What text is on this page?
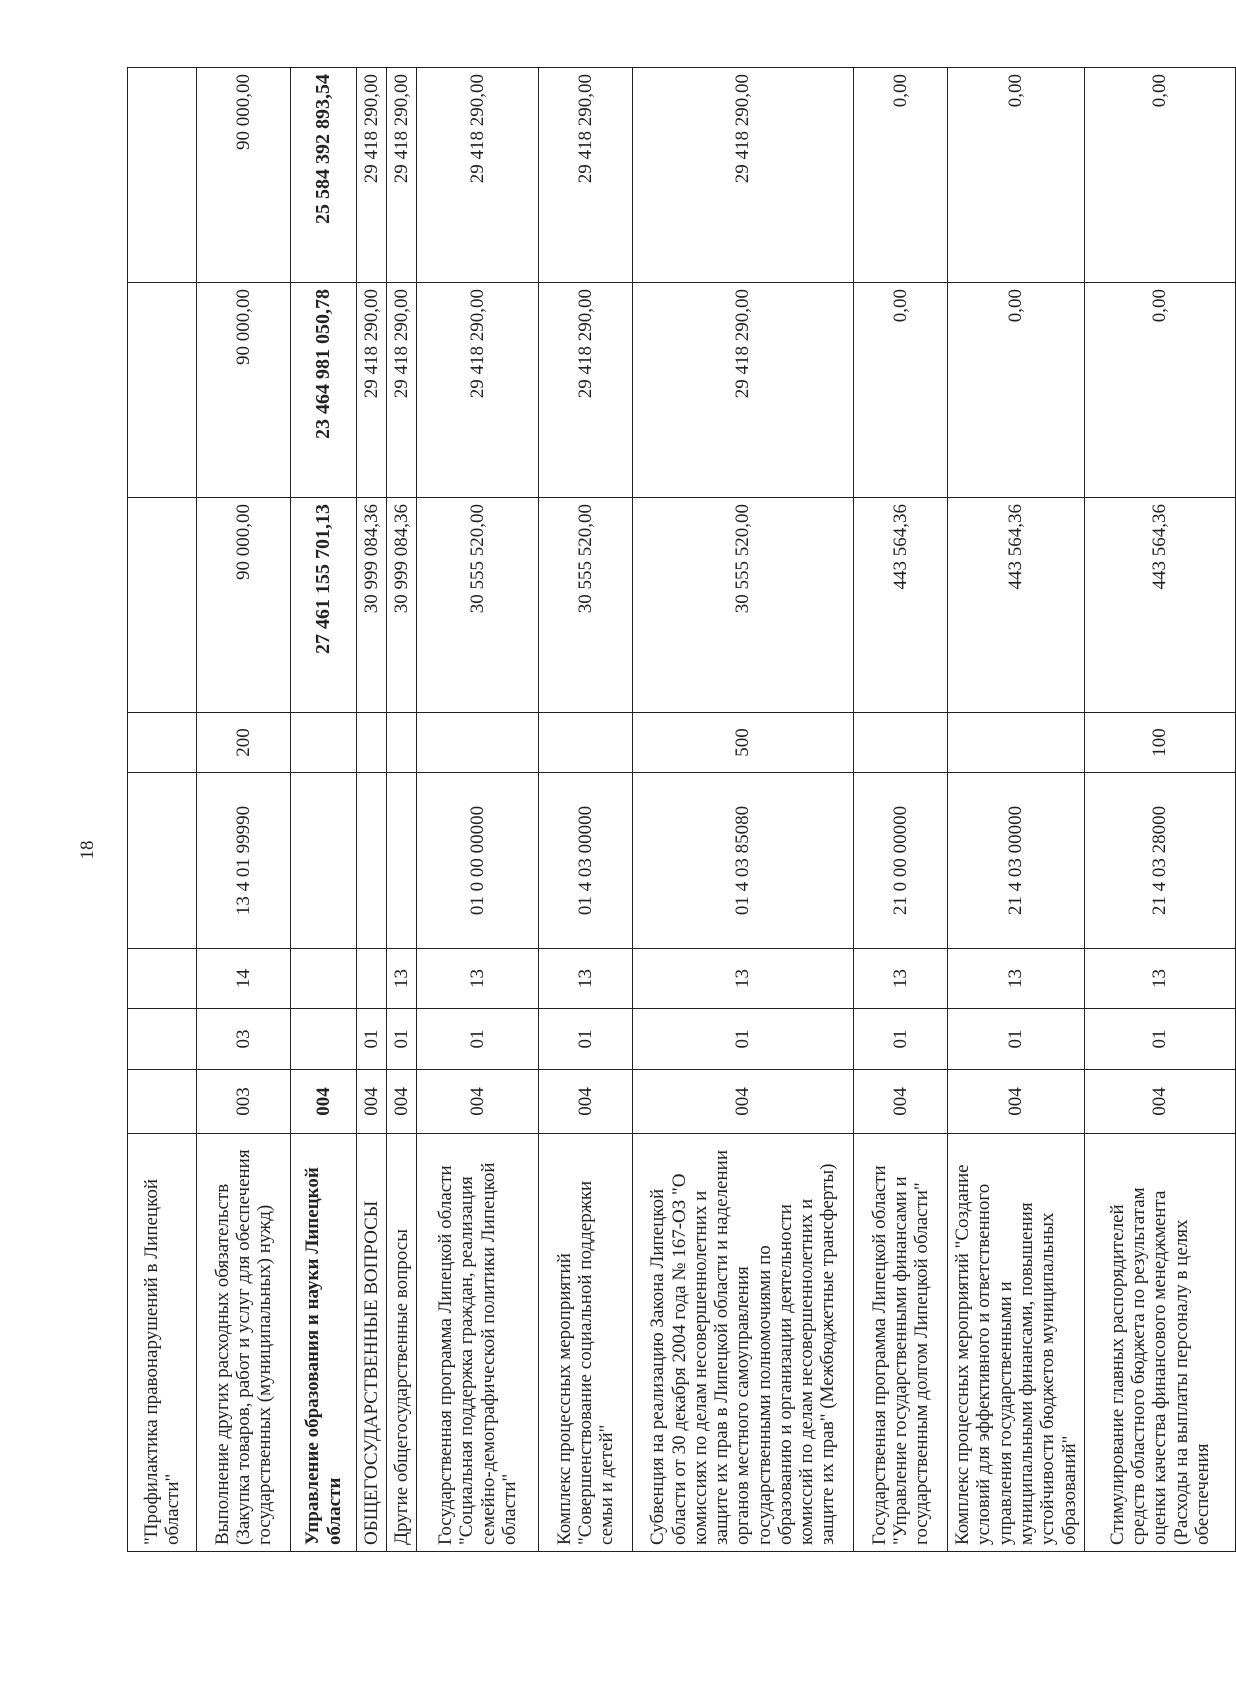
18
"Профилактика правонарушений в Липецкой области"								
Выполнение других расходных обязательств (Закупка товаров, работ и услуг для обеспечения государственных (муниципальных) нужд)	003	03	14	13 4 01 99990	200	90 000,00	90 000,00	90 000,00
Управление образования и науки Липецкой области	004					27 461 155 701,13	23 464 981 050,78	25 584 392 893,54
ОБЩЕГОСУДАРСТВЕННЫЕ ВОПРОСЫ	004	01				30 999 084,36	29 418 290,00	29 418 290,00
Другие общегосударственные вопросы	004	01	13			30 999 084,36	29 418 290,00	29 418 290,00
Государственная программа Липецкой области "Социальная поддержка граждан, реализация семейно-демографической политики Липецкой области"	004	01	13	01 0 00 00000		30 555 520,00	29 418 290,00	29 418 290,00
Комплекс процессных мероприятий "Совершенствование социальной поддержки семьи и детей"	004	01	13	01 4 03 00000		30 555 520,00	29 418 290,00	29 418 290,00
Субвенция на реализацию Закона Липецкой области от 30 декабря 2004 года № 167-ОЗ "О комиссиях по делам несовершеннолетних и защите их прав в Липецкой области и наделении органов местного самоуправления государственными полномочиями по образованию и организации деятельности комиссий по делам несовершеннолетних и защите их прав" (Межбюджетные трансферты)	004	01	13	01 4 03 85080	500	30 555 520,00	29 418 290,00	29 418 290,00
Государственная программа Липецкой области "Управление государственными финансами и государственным долгом Липецкой области"	004	01	13	21 0 00 00000		443 564,36	0,00	0,00
Комплекс процессных мероприятий "Создание условий для эффективного и ответственного управления государственными и муниципальными финансами, повышения устойчивости бюджетов муниципальных образований"	004	01	13	21 4 03 00000		443 564,36	0,00	0,00
Стимулирование главных распорядителей средств областного бюджета по результатам оценки качества финансового менеджмента (Расходы на выплаты персоналу в целях обеспечения	004	01	13	21 4 03 28000	100	443 564,36	0,00	0,00
